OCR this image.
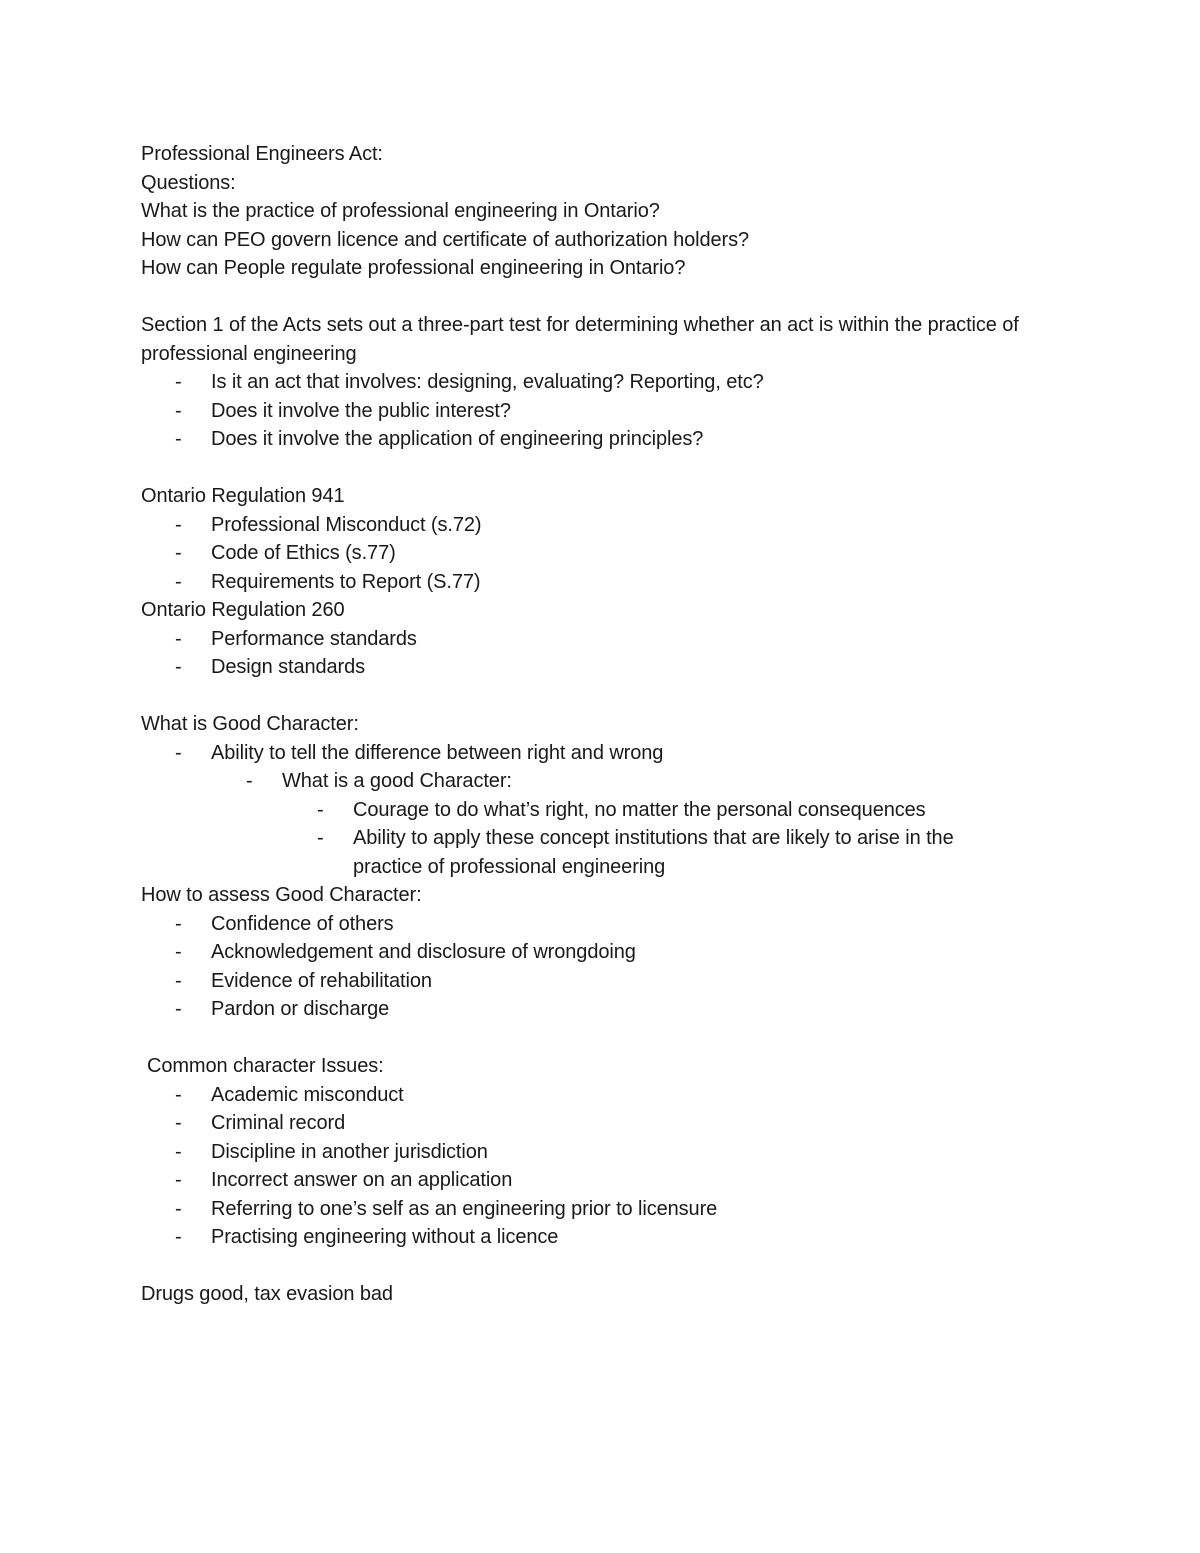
Professional Engineers Act:
Questions:
What is the practice of professional engineering in Ontario?
How can PEO govern licence and certificate of authorization holders?
How can People regulate professional engineering in Ontario?
Section 1 of the Acts sets out a three-part test for determining whether an act is within the practice of professional engineering
- Is it an act that involves: designing, evaluating? Reporting, etc?
- Does it involve the public interest?
- Does it involve the application of engineering principles?
Ontario Regulation 941
- Professional Misconduct (s.72)
- Code of Ethics (s.77)
- Requirements to Report (S.77)
Ontario Regulation 260
- Performance standards
- Design standards
What is Good Character:
- Ability to tell the difference between right and wrong
- What is a good Character:
- Courage to do what’s right, no matter the personal consequences
- Ability to apply these concept institutions that are likely to arise in the practice of professional engineering
How to assess Good Character:
- Confidence of others
- Acknowledgement and disclosure of wrongdoing
- Evidence of rehabilitation
- Pardon or discharge
Common character Issues:
- Academic misconduct
- Criminal record
- Discipline in another jurisdiction
- Incorrect answer on an application
- Referring to one’s self as an engineering prior to licensure
- Practising engineering without a licence
Drugs good, tax evasion bad
